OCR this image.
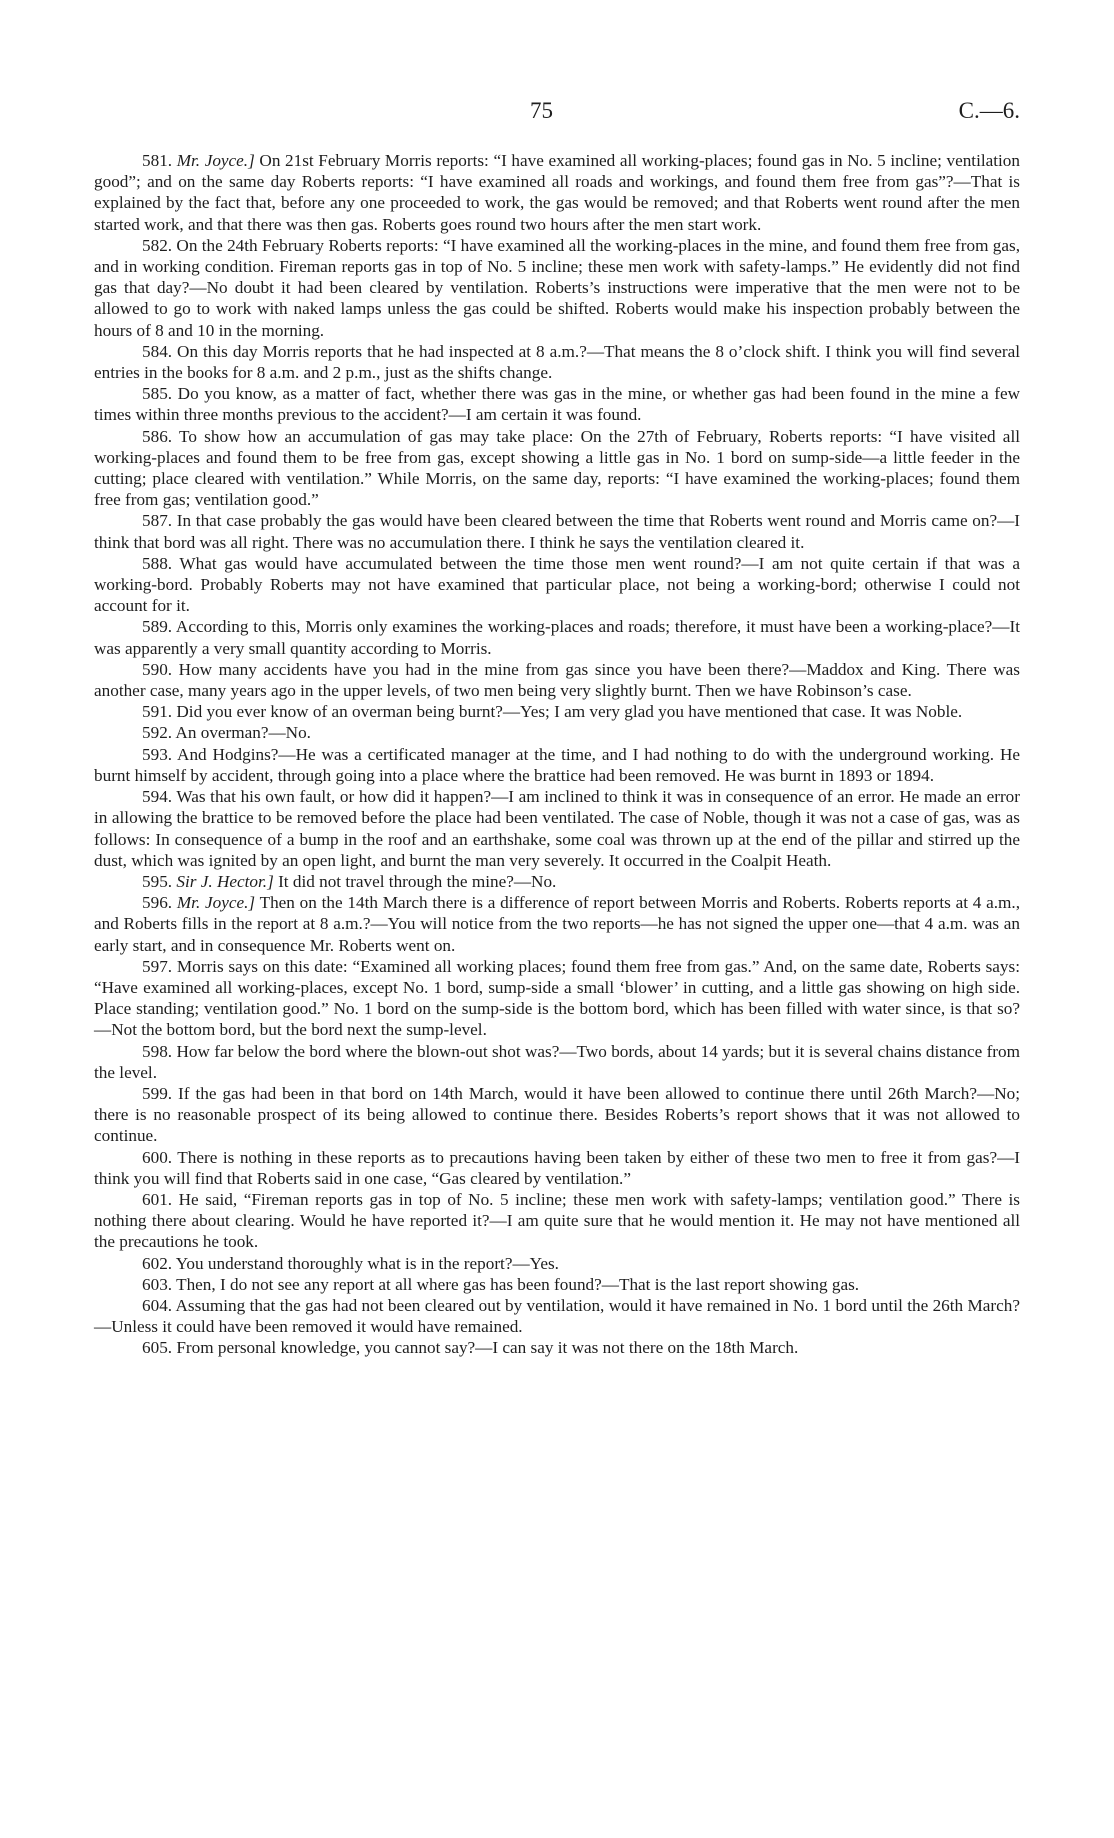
75	C.—6.

581. Mr. Joyce.] On 21st February Morris reports: “I have examined all working-places; found gas in No. 5 incline; ventilation good”; and on the same day Roberts reports: “I have examined all roads and workings, and found them free from gas”?—That is explained by the fact that, before any one proceeded to work, the gas would be removed; and that Roberts went round after the men started work, and that there was then gas. Roberts goes round two hours after the men start work.

582. On the 24th February Roberts reports: “I have examined all the working-places in the mine, and found them free from gas, and in working condition. Fireman reports gas in top of No. 5 incline; these men work with safety-lamps.” He evidently did not find gas that day?—No doubt it had been cleared by ventilation. Roberts’s instructions were imperative that the men were not to be allowed to go to work with naked lamps unless the gas could be shifted. Roberts would make his inspection probably between the hours of 8 and 10 in the morning.

584. On this day Morris reports that he had inspected at 8 a.m.?—That means the 8 o’clock shift. I think you will find several entries in the books for 8 a.m. and 2 p.m., just as the shifts change.

585. Do you know, as a matter of fact, whether there was gas in the mine, or whether gas had been found in the mine a few times within three months previous to the accident?—I am certain it was found.

586. To show how an accumulation of gas may take place: On the 27th of February, Roberts reports: “I have visited all working-places and found them to be free from gas, except showing a little gas in No. 1 bord on sump-side—a little feeder in the cutting; place cleared with ventilation.” While Morris, on the same day, reports: “I have examined the working-places; found them free from gas; ventilation good.”

587. In that case probably the gas would have been cleared between the time that Roberts went round and Morris came on?—I think that bord was all right. There was no accumulation there. I think he says the ventilation cleared it.

588. What gas would have accumulated between the time those men went round?—I am not quite certain if that was a working-bord. Probably Roberts may not have examined that particular place, not being a working-bord; otherwise I could not account for it.

589. According to this, Morris only examines the working-places and roads; therefore, it must have been a working-place?—It was apparently a very small quantity according to Morris.

590. How many accidents have you had in the mine from gas since you have been there?—Maddox and King. There was another case, many years ago in the upper levels, of two men being very slightly burnt. Then we have Robinson’s case.

591. Did you ever know of an overman being burnt?—Yes; I am very glad you have mentioned that case. It was Noble.

592. An overman?—No.

593. And Hodgins?—He was a certificated manager at the time, and I had nothing to do with the underground working. He burnt himself by accident, through going into a place where the brattice had been removed. He was burnt in 1893 or 1894.

594. Was that his own fault, or how did it happen?—I am inclined to think it was in consequence of an error. He made an error in allowing the brattice to be removed before the place had been ventilated. The case of Noble, though it was not a case of gas, was as follows: In consequence of a bump in the roof and an earthshake, some coal was thrown up at the end of the pillar and stirred up the dust, which was ignited by an open light, and burnt the man very severely. It occurred in the Coalpit Heath.

595. Sir J. Hector.] It did not travel through the mine?—No.

596. Mr. Joyce.] Then on the 14th March there is a difference of report between Morris and Roberts. Roberts reports at 4 a.m., and Roberts fills in the report at 8 a.m.?—You will notice from the two reports—he has not signed the upper one—that 4 a.m. was an early start, and in consequence Mr. Roberts went on.

597. Morris says on this date: “Examined all working places; found them free from gas.” And, on the same date, Roberts says: “Have examined all working-places, except No. 1 bord, sump-side a small ‘blower’ in cutting, and a little gas showing on high side. Place standing; ventilation good.” No. 1 bord on the sump-side is the bottom bord, which has been filled with water since, is that so?—Not the bottom bord, but the bord next the sump-level.

598. How far below the bord where the blown-out shot was?—Two bords, about 14 yards; but it is several chains distance from the level.

599. If the gas had been in that bord on 14th March, would it have been allowed to continue there until 26th March?—No; there is no reasonable prospect of its being allowed to continue there. Besides Roberts’s report shows that it was not allowed to continue.

600. There is nothing in these reports as to precautions having been taken by either of these two men to free it from gas?—I think you will find that Roberts said in one case, “Gas cleared by ventilation.”

601. He said, “Fireman reports gas in top of No. 5 incline; these men work with safety-lamps; ventilation good.” There is nothing there about clearing. Would he have reported it?—I am quite sure that he would mention it. He may not have mentioned all the precautions he took.

602. You understand thoroughly what is in the report?—Yes.

603. Then, I do not see any report at all where gas has been found?—That is the last report showing gas.

604. Assuming that the gas had not been cleared out by ventilation, would it have remained in No. 1 bord until the 26th March?—Unless it could have been removed it would have remained.

605. From personal knowledge, you cannot say?—I can say it was not there on the 18th March.
